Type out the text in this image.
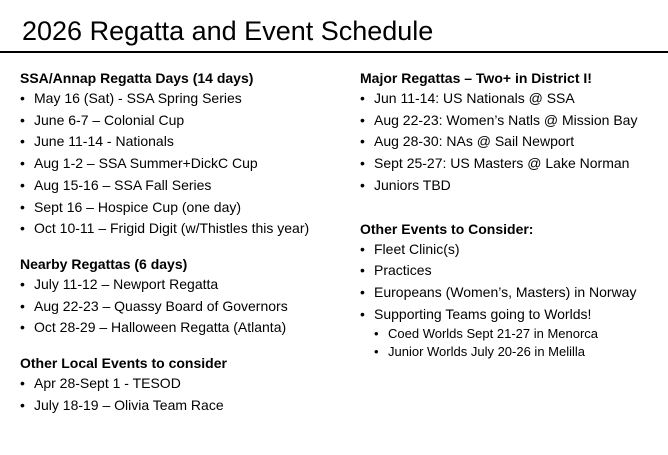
2026 Regatta and Event Schedule
SSA/Annap Regatta Days (14 days)
• May 16 (Sat) - SSA Spring Series
• June 6-7 – Colonial Cup
• June 11-14 - Nationals
• Aug 1-2 – SSA Summer+DickC Cup
• Aug 15-16 – SSA Fall Series
• Sept 16 – Hospice Cup (one day)
• Oct 10-11 – Frigid Digit (w/Thistles this year)
Nearby Regattas (6 days)
• July 11-12 – Newport Regatta
• Aug 22-23 – Quassy Board of Governors
• Oct 28-29 – Halloween Regatta (Atlanta)
Other Local Events to consider
• Apr 28-Sept 1 - TESOD
• July 18-19 – Olivia Team Race
Major Regattas – Two+ in District I!
• Jun 11-14: US Nationals @ SSA
• Aug 22-23: Women’s Natls @ Mission Bay
• Aug 28-30: NAs @ Sail Newport
• Sept 25-27: US Masters @ Lake Norman
• Juniors TBD
Other Events to Consider:
• Fleet Clinic(s)
• Practices
• Europeans (Women’s, Masters) in Norway
• Supporting Teams going to Worlds!
• Coed Worlds Sept 21-27 in Menorca
• Junior Worlds July 20-26 in Melilla
